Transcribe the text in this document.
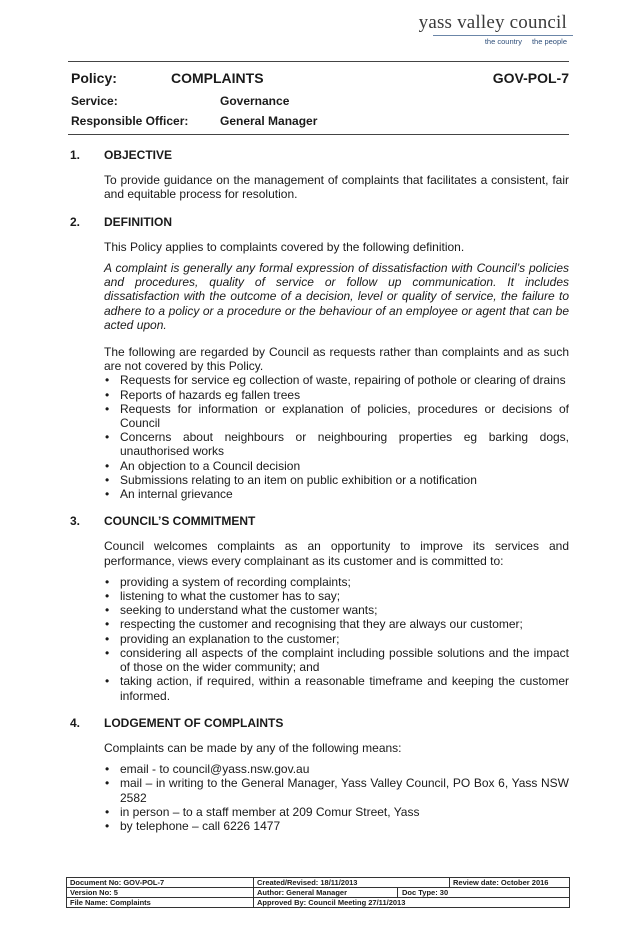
yass valley council
the country the people
Policy:	COMPLAINTS	GOV-POL-7
Service:	Governance
Responsible Officer:	General Manager
1. OBJECTIVE

To provide guidance on the management of complaints that facilitates a consistent, fair and equitable process for resolution.

2. DEFINITION

This Policy applies to complaints covered by the following definition.

A complaint is generally any formal expression of dissatisfaction with Council’s policies and procedures, quality of service or follow up communication. It includes dissatisfaction with the outcome of a decision, level or quality of service, the failure to adhere to a policy or a procedure or the behaviour of an employee or agent that can be acted upon.

The following are regarded by Council as requests rather than complaints and as such are not covered by this Policy.

• Requests for service eg collection of waste, repairing of pothole or clearing of drains
• Reports of hazards eg fallen trees
• Requests for information or explanation of policies, procedures or decisions of Council
• Concerns about neighbours or neighbouring properties eg barking dogs, unauthorised works
• An objection to a Council decision
• Submissions relating to an item on public exhibition or a notification
• An internal grievance
3. COUNCIL’S COMMITMENT

Council welcomes complaints as an opportunity to improve its services and performance, views every complainant as its customer and is committed to:

• providing a system of recording complaints;
• listening to what the customer has to say;
• seeking to understand what the customer wants;
• respecting the customer and recognising that they are always our customer;
• providing an explanation to the customer;
• considering all aspects of the complaint including possible solutions and the impact of those on the wider community; and
• taking action, if required, within a reasonable timeframe and keeping the customer informed.
4. LODGEMENT OF COMPLAINTS

Complaints can be made by any of the following means:

• email - to council@yass.nsw.gov.au
• mail – in writing to the General Manager, Yass Valley Council, PO Box 6, Yass NSW 2582
• in person – to a staff member at 209 Comur Street, Yass
• by telephone – call 6226 1477
Document No: GOV-POL-7	Created/Revised: 18/11/2013	Review date: October 2016
Version No: 5	Author: General Manager Doc Type: 30	
File Name: Complaints	Approved By: Council Meeting 27/11/2013	
